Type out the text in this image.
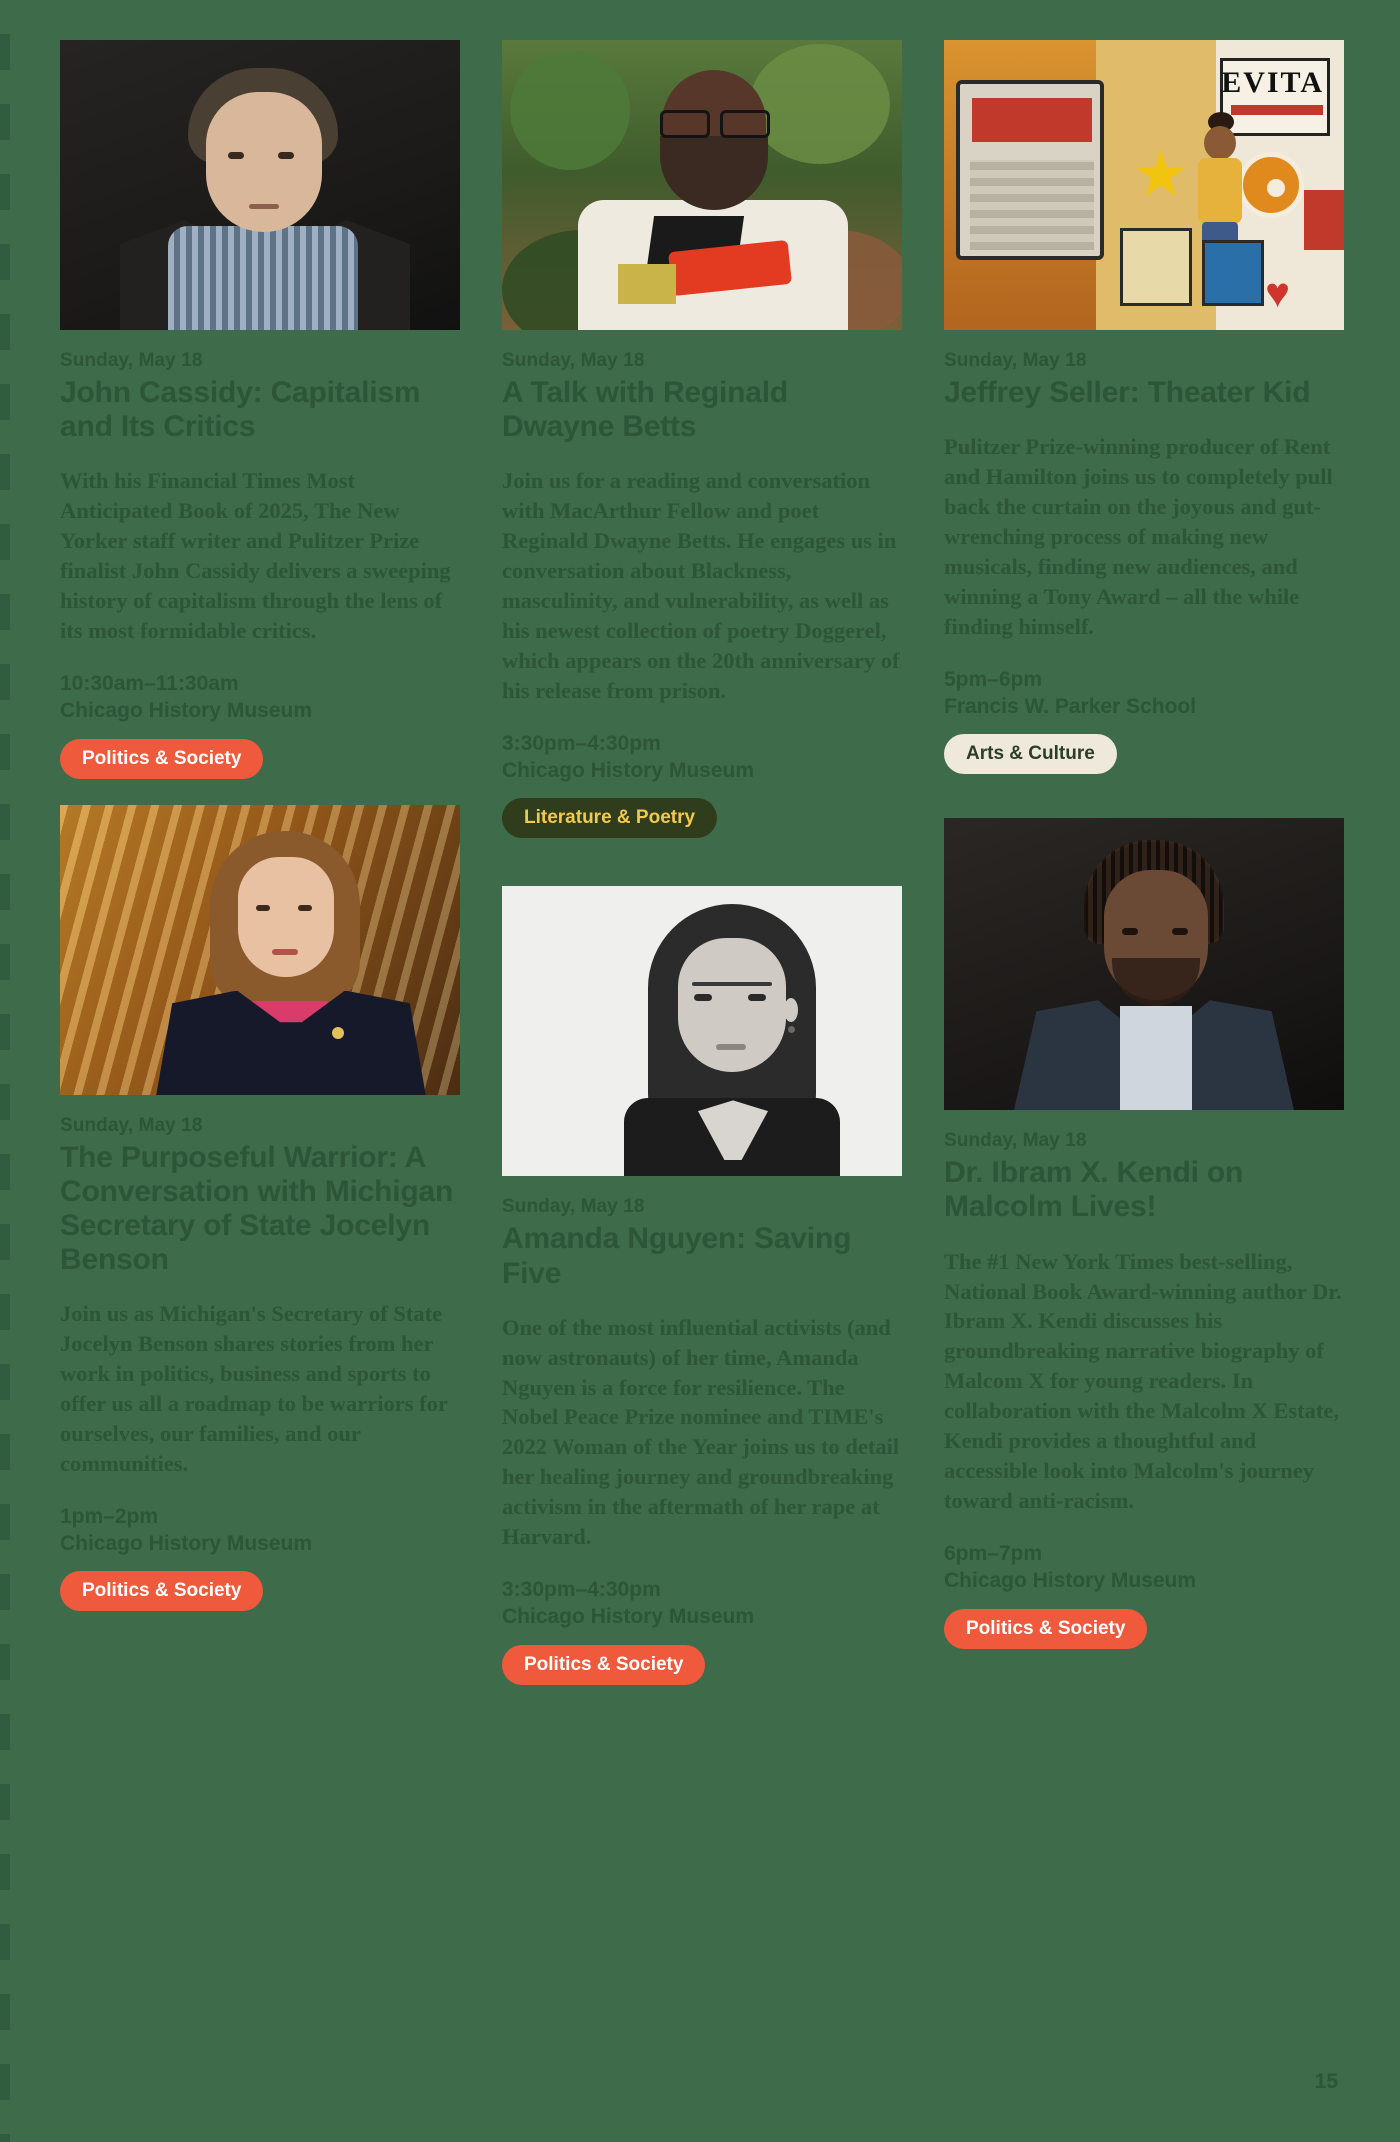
Sunday, May 18
John Cassidy: Capitalism and Its Critics
With his Financial Times Most Anticipated Book of 2025, The New Yorker staff writer and Pulitzer Prize finalist John Cassidy delivers a sweeping history of capitalism through the lens of its most formidable critics.
10:30am–11:30am
Chicago History Museum
Politics & Society
Sunday, May 18
The Purposeful Warrior: A Conversation with Michigan Secretary of State Jocelyn Benson
Join us as Michigan's Secretary of State Jocelyn Benson shares stories from her work in politics, business and sports to offer us all a roadmap to be warriors for ourselves, our families, and our communities.
1pm–2pm
Chicago History Museum
Politics & Society
Sunday, May 18
A Talk with Reginald Dwayne Betts
Join us for a reading and conversation with MacArthur Fellow and poet Reginald Dwayne Betts. He engages us in conversation about Blackness, masculinity, and vulnerability, as well as his newest collection of poetry Doggerel, which appears on the 20th anniversary of his release from prison.
3:30pm–4:30pm
Chicago History Museum
Literature & Poetry
Sunday, May 18
Amanda Nguyen: Saving Five
One of the most influential activists (and now astronauts) of her time, Amanda Nguyen is a force for resilience. The Nobel Peace Prize nominee and TIME's 2022 Woman of the Year joins us to detail her healing journey and groundbreaking activism in the aftermath of her rape at Harvard.
3:30pm–4:30pm
Chicago History Museum
Politics & Society
EVITA
★
♥
Sunday, May 18
Jeffrey Seller: Theater Kid
Pulitzer Prize-winning producer of Rent and Hamilton joins us to completely pull back the curtain on the joyous and gut-wrenching process of making new musicals, finding new audiences, and winning a Tony Award – all the while finding himself.
5pm–6pm
Francis W. Parker School
Arts & Culture
Sunday, May 18
Dr. Ibram X. Kendi on Malcolm Lives!
The #1 New York Times best-selling, National Book Award-winning author Dr. Ibram X. Kendi discusses his groundbreaking narrative biography of Malcom X for young readers. In collaboration with the Malcolm X Estate, Kendi provides a thoughtful and accessible look into Malcolm's journey toward anti-racism.
6pm–7pm
Chicago History Museum
Politics & Society
15
